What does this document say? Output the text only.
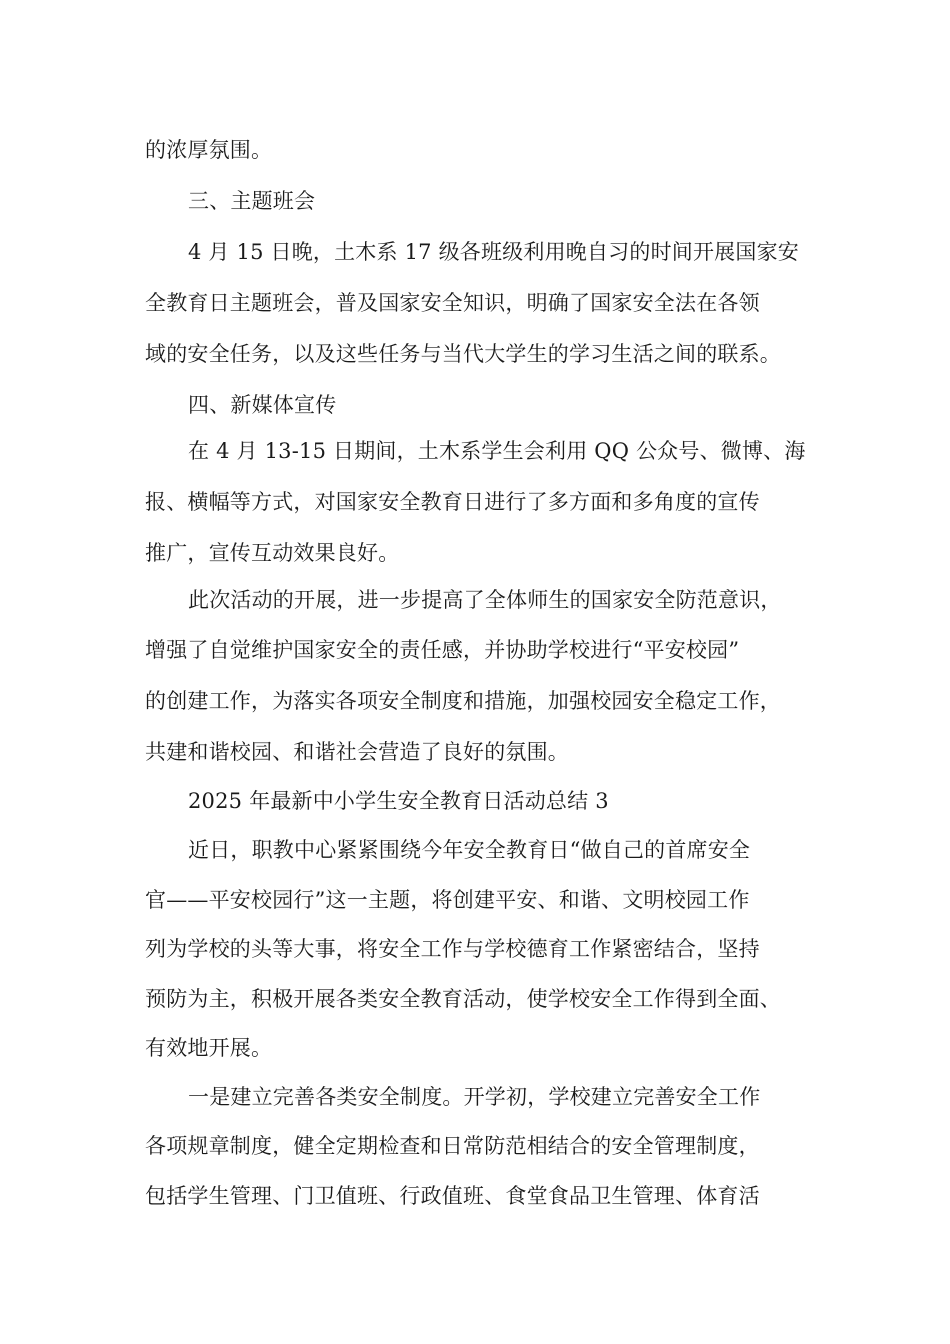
的浓厚氛围。
三、主题班会
4 月 15 日晚，土木系 17 级各班级利用晚自习的时间开展国家安
全教育日主题班会，普及国家安全知识，明确了国家安全法在各领
域的安全任务，以及这些任务与当代大学生的学习生活之间的联系。
四、新媒体宣传
在 4 月 13-15 日期间，土木系学生会利用 QQ 公众号、微博、海
报、横幅等方式，对国家安全教育日进行了多方面和多角度的宣传
推广，宣传互动效果良好。
此次活动的开展，进一步提高了全体师生的国家安全防范意识，
增强了自觉维护国家安全的责任感，并协助学校进行“平安校园”
的创建工作，为落实各项安全制度和措施，加强校园安全稳定工作，
共建和谐校园、和谐社会营造了良好的氛围。
2025 年最新中小学生安全教育日活动总结 3
近日，职教中心紧紧围绕今年安全教育日“做自己的首席安全
官——平安校园行”这一主题，将创建平安、和谐、文明校园工作
列为学校的头等大事，将安全工作与学校德育工作紧密结合，坚持
预防为主，积极开展各类安全教育活动，使学校安全工作得到全面、
有效地开展。
一是建立完善各类安全制度。开学初，学校建立完善安全工作
各项规章制度，健全定期检查和日常防范相结合的安全管理制度，
包括学生管理、门卫值班、行政值班、食堂食品卫生管理、体育活
